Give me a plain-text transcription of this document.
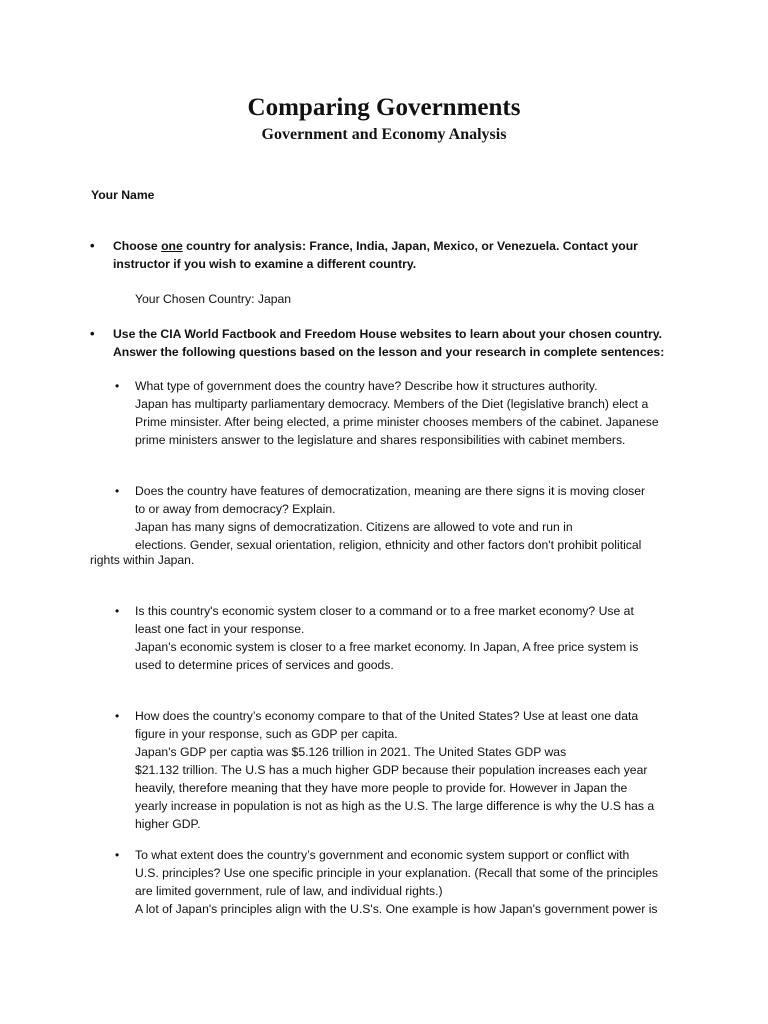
Comparing Governments
Government and Economy Analysis
Your Name
• Choose one country for analysis: France, India, Japan, Mexico, or Venezuela. Contact your

instructor if you wish to examine a different country.

Your Chosen Country: Japan
• Use the CIA World Factbook and Freedom House websites to learn about your chosen country.

Answer the following questions based on the lesson and your research in complete sentences:

• What type of government does the country have? Describe how it structures authority.

Japan has multiparty parliamentary democracy. Members of the Diet (legislative branch) elect a

Prime minsister. After being elected, a prime minister chooses members of the cabinet. Japanese

prime ministers answer to the legislature and shares responsibilities with cabinet members.

• Does the country have features of democratization, meaning are there signs it is moving closer

to or away from democracy? Explain.

Japan has many signs of democratization. Citizens are allowed to vote and run in

elections. Gender, sexual orientation, religion, ethnicity and other factors don't prohibit political

rights within Japan.
• Is this country's economic system closer to a command or to a free market economy? Use at

least one fact in your response.

Japan's economic system is closer to a free market economy. In Japan, A free price system is

used to determine prices of services and goods.

• How does the country’s economy compare to that of the United States? Use at least one data

figure in your response, such as GDP per capita.

Japan's GDP per captia was $5.126 trillion in 2021. The United States GDP was

$21.132 trillion. The U.S has a much higher GDP because their population increases each year

heavily, therefore meaning that they have more people to provide for. However in Japan the

yearly increase in population is not as high as the U.S. The large difference is why the U.S has a

higher GDP.

• To what extent does the country’s government and economic system support or conflict with

U.S. principles? Use one specific principle in your explanation. (Recall that some of the principles

are limited government, rule of law, and individual rights.)

A lot of Japan's principles align with the U.S's. One example is how Japan's government power is
